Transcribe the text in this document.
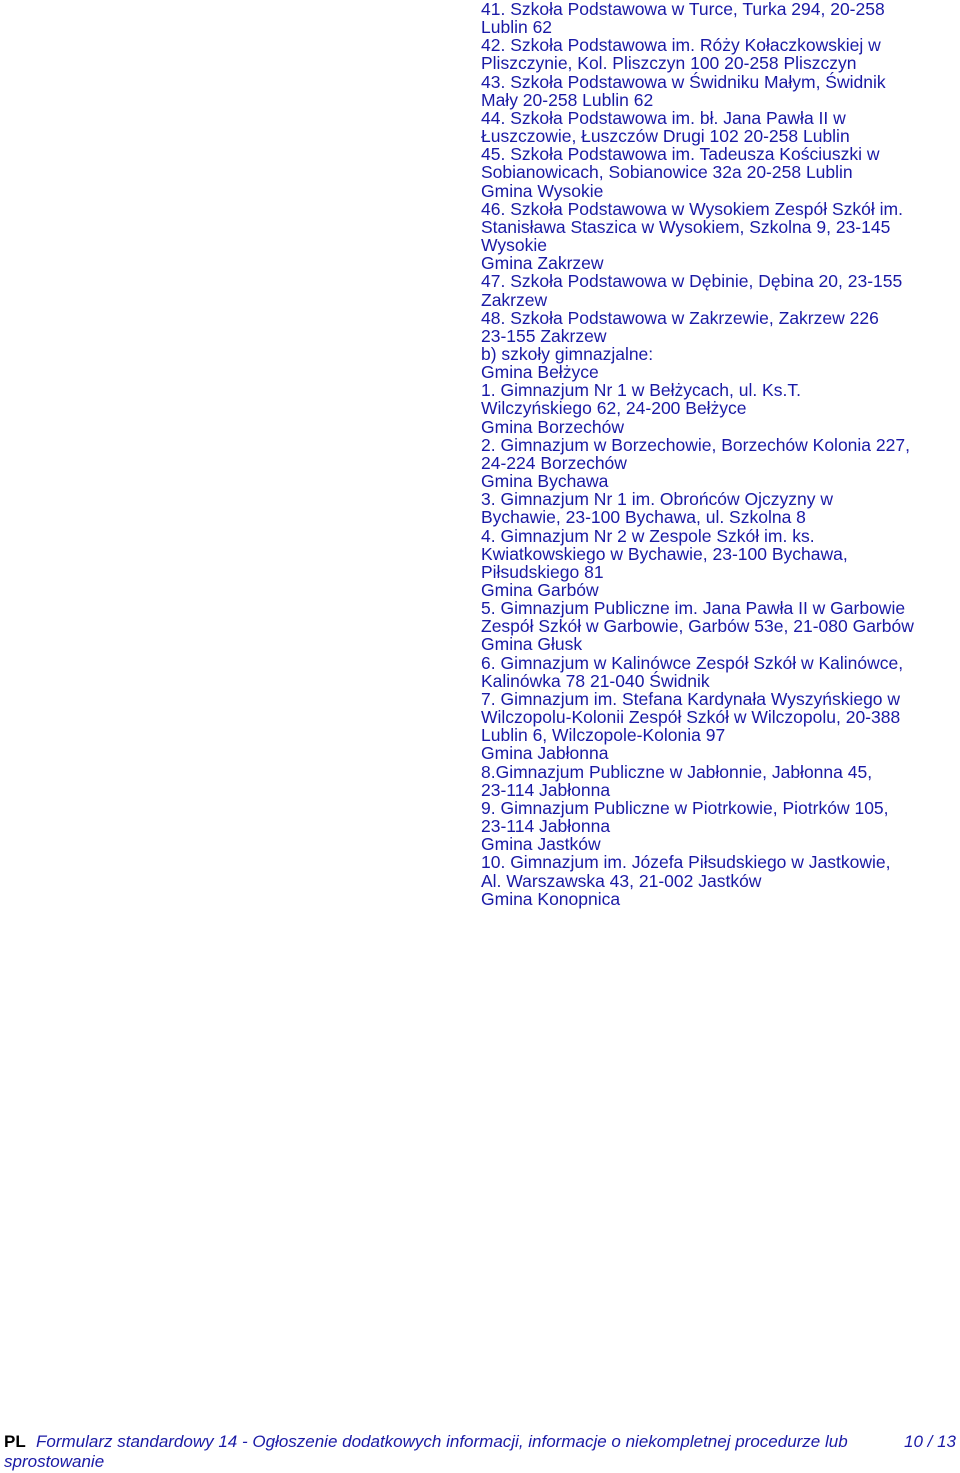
41. Szkoła Podstawowa w Turce, Turka 294, 20-258
Lublin 62
42. Szkoła Podstawowa im. Róży Kołaczkowskiej w
Pliszczynie, Kol. Pliszczyn 100 20-258 Pliszczyn
43. Szkoła Podstawowa w Świdniku Małym, Świdnik
Mały 20-258 Lublin 62
44. Szkoła Podstawowa im. bł. Jana Pawła II w
Łuszczowie, Łuszczów Drugi 102 20-258 Lublin
45. Szkoła Podstawowa im. Tadeusza Kościuszki w
Sobianowicach, Sobianowice 32a 20-258 Lublin
Gmina Wysokie
46. Szkoła Podstawowa w Wysokiem Zespół Szkół im.
Stanisława Staszica w Wysokiem, Szkolna 9, 23-145
Wysokie
Gmina Zakrzew
47. Szkoła Podstawowa w Dębinie, Dębina 20, 23-155
Zakrzew
48. Szkoła Podstawowa w Zakrzewie, Zakrzew 226
23-155 Zakrzew
b) szkoły gimnazjalne:
Gmina Bełżyce
1. Gimnazjum Nr 1 w Bełżycach, ul. Ks.T.
Wilczyńskiego 62, 24-200 Bełżyce
Gmina Borzechów
2. Gimnazjum w Borzechowie, Borzechów Kolonia 227,
24-224 Borzechów
Gmina Bychawa
3. Gimnazjum Nr 1 im. Obrońców Ojczyzny w
Bychawie, 23-100 Bychawa, ul. Szkolna 8
4. Gimnazjum Nr 2 w Zespole Szkół im. ks.
Kwiatkowskiego w Bychawie, 23-100 Bychawa,
Piłsudskiego 81
Gmina Garbów
5. Gimnazjum Publiczne im. Jana Pawła II w Garbowie
Zespół Szkół w Garbowie, Garbów 53e, 21-080 Garbów
Gmina Głusk
6. Gimnazjum w Kalinówce Zespół Szkół w Kalinówce,
Kalinówka 78 21-040 Świdnik
7. Gimnazjum im. Stefana Kardynała Wyszyńskiego w
Wilczopolu-Kolonii Zespół Szkół w Wilczopolu, 20-388
Lublin 6, Wilczopole-Kolonia 97
Gmina Jabłonna
8.Gimnazjum Publiczne w Jabłonnie, Jabłonna 45,
23-114 Jabłonna
9. Gimnazjum Publiczne w Piotrkowie, Piotrków 105,
23-114 Jabłonna
Gmina Jastków
10. Gimnazjum im. Józefa Piłsudskiego w Jastkowie,
Al. Warszawska 43, 21-002 Jastków
Gmina Konopnica
PL Formularz standardowy 14 - Ogłoszenie dodatkowych informacji, informacje o niekompletnej procedurze lub
sprostowanie
10 / 13
